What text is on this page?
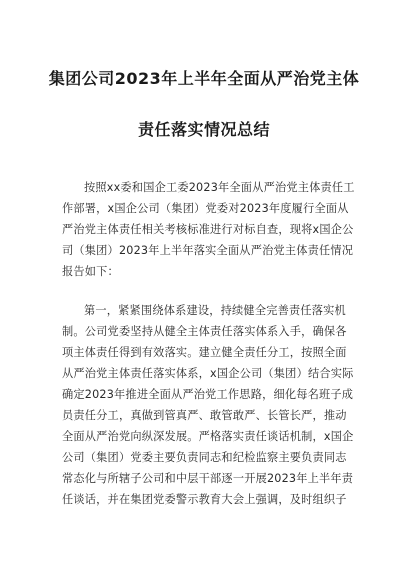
集团公司2023年上半年全面从严治党主体
责任落实情况总结
按照xx委和国企工委2023年全面从严治党主体责任工
作部署，x国企公司（集团）党委对2023年度履行全面从
严治党主体责任相关考核标准进行对标自查，现将x国企公
司（集团）2023年上半年落实全面从严治党主体责任情况
报告如下：
第一，紧紧围绕体系建设，持续健全完善责任落实机
制。公司党委坚持从健全主体责任落实体系入手，确保各
项主体责任得到有效落实。建立健全责任分工，按照全面
从严治党主体责任落实体系，x国企公司（集团）结合实际
确定2023年推进全面从严治党工作思路，细化每名班子成
员责任分工，真做到管真严、敢管敢严、长管长严，推动
全面从严治党向纵深发展。严格落实责任谈话机制，x国企
公司（集团）党委主要负责同志和纪检监察主要负责同志
常态化与所辖子公司和中层干部逐一开展2023年上半年责
任谈话，并在集团党委警示教育大会上强调，及时组织子
